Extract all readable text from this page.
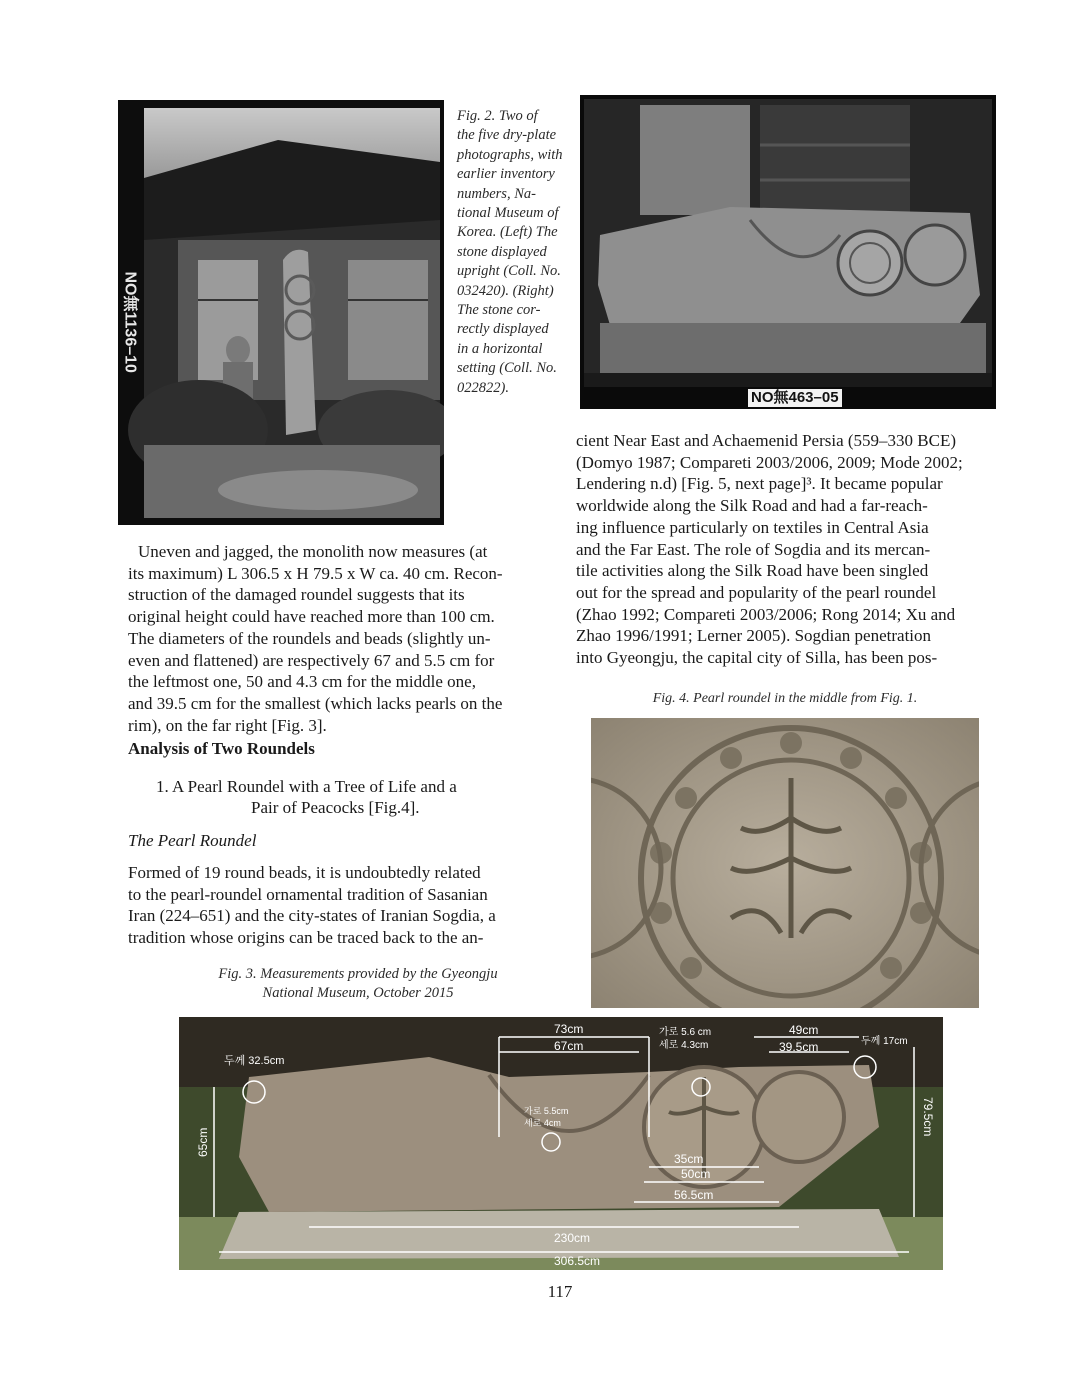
NO無1136–10
Fig. 2. Two of
the five dry-plate
photographs, with
earlier inventory
numbers, Na-
tional Museum of
Korea. (Left) The
stone displayed
upright (Coll. No.
032420). (Right)
The stone cor-
rectly displayed
in a horizontal
setting (Coll. No.
022822).
NO無463–05

Uneven and jagged, the monolith now measures (at

its maximum) L 306.5 x H 79.5 x W ca. 40 cm. Recon-

struction of the damaged roundel suggests that its

original height could have reached more than 100 cm.

The diameters of the roundels and beads (slightly un-

even and flattened) are respectively 67 and 5.5 cm for

the leftmost one, 50 and 4.3 cm for the middle one,

and 39.5 cm for the smallest (which lacks pearls on the

rim), on the far right [Fig. 3].

Analysis of Two Roundels
1. A Pearl Roundel with a Tree of Life and a
Pair of Peacocks [Fig.4].
The Pearl Roundel

Formed of 19 round beads, it is undoubtedly related

to the pearl-roundel ornamental tradition of Sasanian

Iran (224–651) and the city-states of Iranian Sogdia, a

tradition whose origins can be traced back to the an-

Fig. 3. Measurements provided by the Gyeongju
National Museum, October 2015

cient Near East and Achaemenid Persia (559–330 BCE)

(Domyo 1987; Compareti 2003/2006, 2009; Mode 2002;

Lendering n.d) [Fig. 5, next page]³. It became popular

worldwide along the Silk Road and had a far-reach-

ing influence particularly on textiles in Central Asia

and the Far East. The role of Sogdia and its mercan-

tile activities along the Silk Road have been singled

out for the spread and popularity of the pearl roundel

(Zhao 1992; Compareti 2003/2006; Rong 2014; Xu and

Zhao 1996/1991; Lerner 2005). Sogdian penetration

into Gyeongju, the capital city of Silla, has been pos-

Fig. 4. Pearl roundel in the middle from Fig. 1.
73cm
67cm
가로 5.6 cm
세로 4.3cm
49cm
39.5cm	두께 17cm
두께 32.5cm
가로 5.5cm
세로 4cm
35cm
50cm
56.5cm
230cm
306.5cm
65cm
79.5cm
117
